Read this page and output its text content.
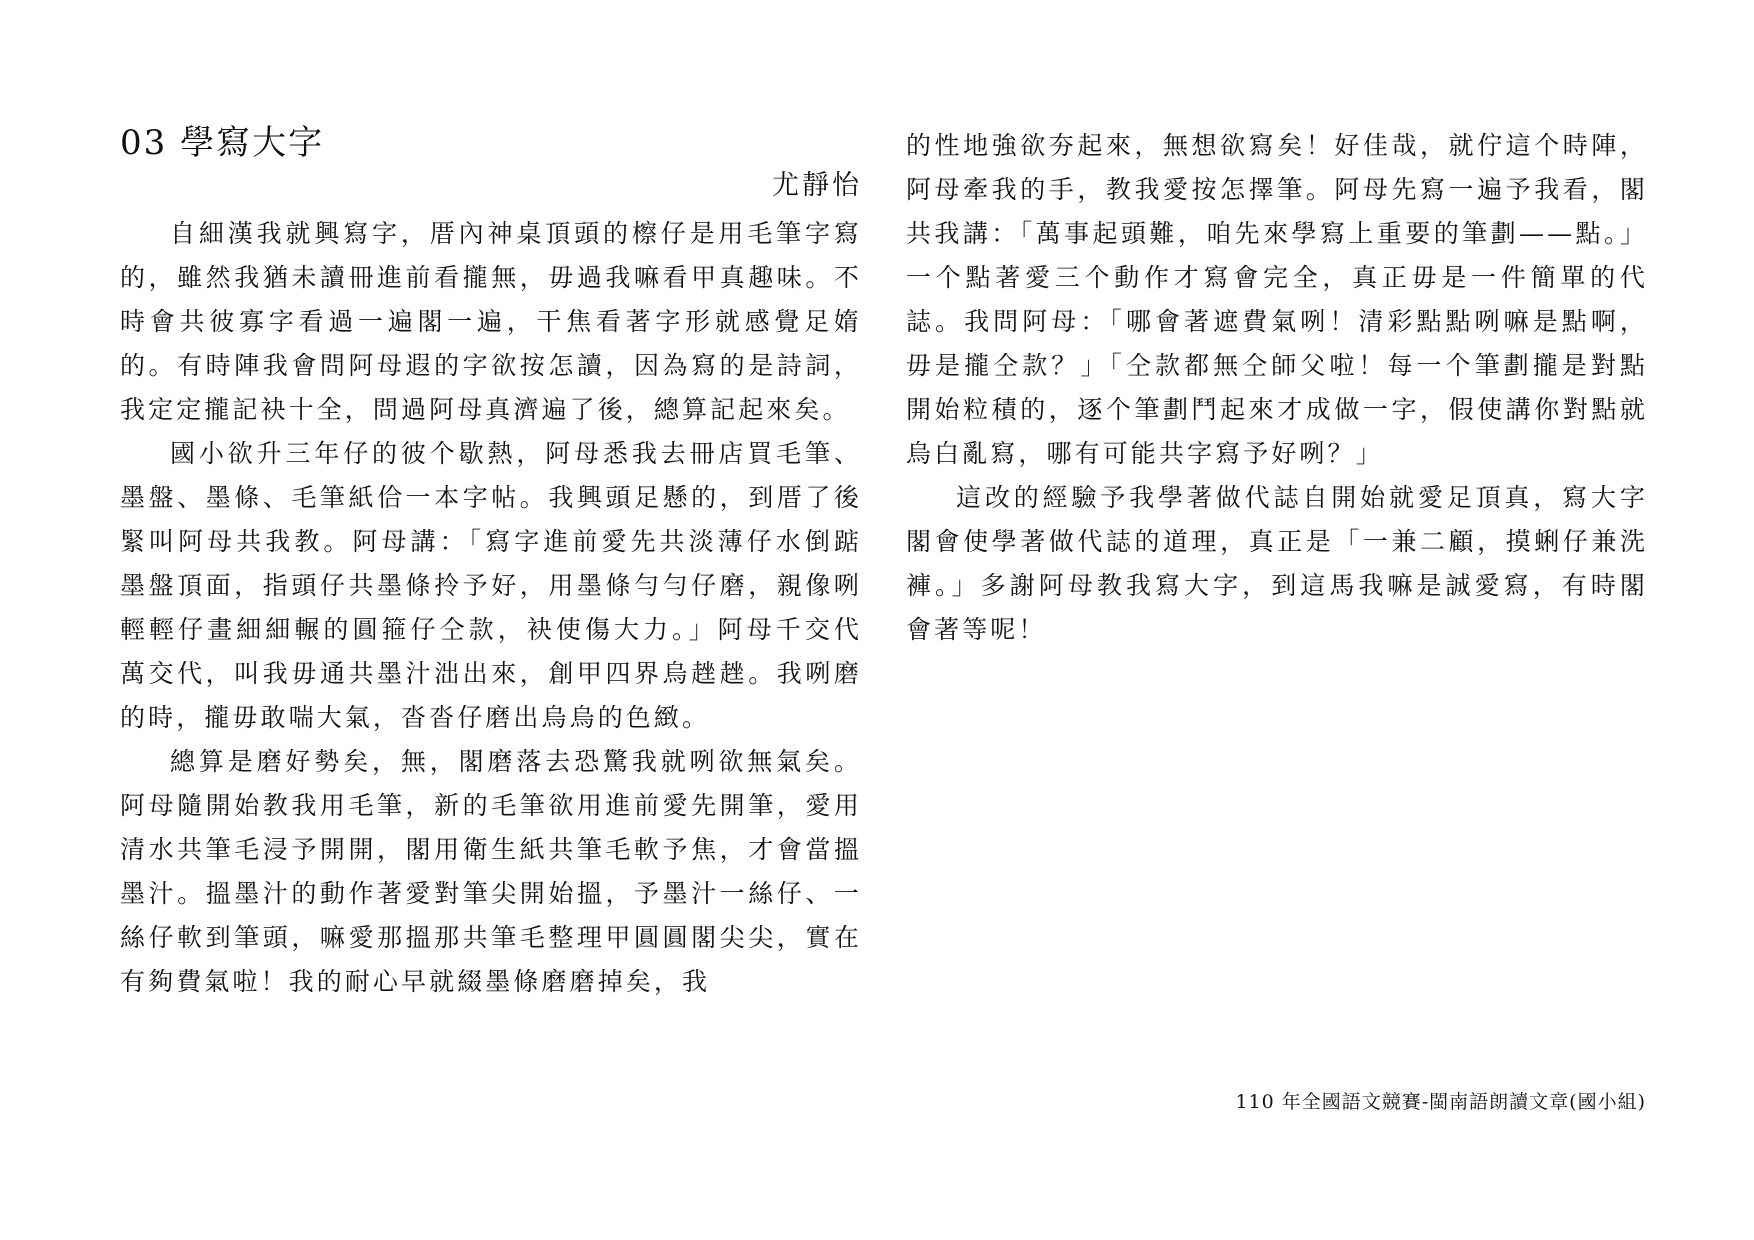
03 學寫大字
尤靜怡

自細漢我就興寫字，厝內神桌頂頭的檫仔是用毛筆字寫的，雖然我猶未讀冊進前看攏無，毋過我嘛看甲真趣味。不時會共彼寡字看過一遍閣一遍，干焦看著字形就感覺足媠的。有時陣我會問阿母遐的字欲按怎讀，因為寫的是詩詞，我定定攏記袂十全，問過阿母真濟遍了後，總算記起來矣。

國小欲升三年仔的彼个歇熱，阿母悉我去冊店買毛筆、墨盤、墨條、毛筆紙佮一本字帖。我興頭足懸的，到厝了後緊叫阿母共我教。阿母講：「寫字進前愛先共淡薄仔水倒踮墨盤頂面，指頭仔共墨條拎予好，用墨條勻勻仔磨，親像咧輕輕仔畫細細輾的圓箍仔仝款，袂使傷大力。」阿母千交代萬交代，叫我毋通共墨汁泏出來，創甲四界烏趖趖。我咧磨的時，攏毋敢喘大氣，沓沓仔磨出烏烏的色緻。

總算是磨好勢矣，無，閣磨落去恐驚我就咧欲無氣矣。阿母隨開始教我用毛筆，新的毛筆欲用進前愛先開筆，愛用清水共筆毛浸予開開，閣用衛生紙共筆毛軟予焦，才會當搵墨汁。搵墨汁的動作著愛對筆尖開始搵，予墨汁一絲仔、一絲仔軟到筆頭，嘛愛那搵那共筆毛整理甲圓圓閣尖尖，實在有夠費氣啦！我的耐心早就綴墨條磨磨掉矣，我

的性地強欲夯起來，無想欲寫矣！好佳哉，就佇這个時陣，阿母牽我的手，教我愛按怎擇筆。阿母先寫一遍予我看，閣共我講：「萬事起頭難，咱先來學寫上重要的筆劃——點。」一个點著愛三个動作才寫會完全，真正毋是一件簡單的代誌。我問阿母：「哪會著遮費氣咧！清彩點點咧嘛是點啊，毋是攏仝款？」「仝款都無仝師父啦！每一个筆劃攏是對點開始粒積的，逐个筆劃鬥起來才成做一字，假使講你對點就烏白亂寫，哪有可能共字寫予好咧？」

這改的經驗予我學著做代誌自開始就愛足頂真，寫大字閣會使學著做代誌的道理，真正是「一兼二顧，摸蜊仔兼洗褲。」多謝阿母教我寫大字，到這馬我嘛是誠愛寫，有時閣會著等呢！

110 年全國語文競賽-閩南語朗讀文章(國小組)
